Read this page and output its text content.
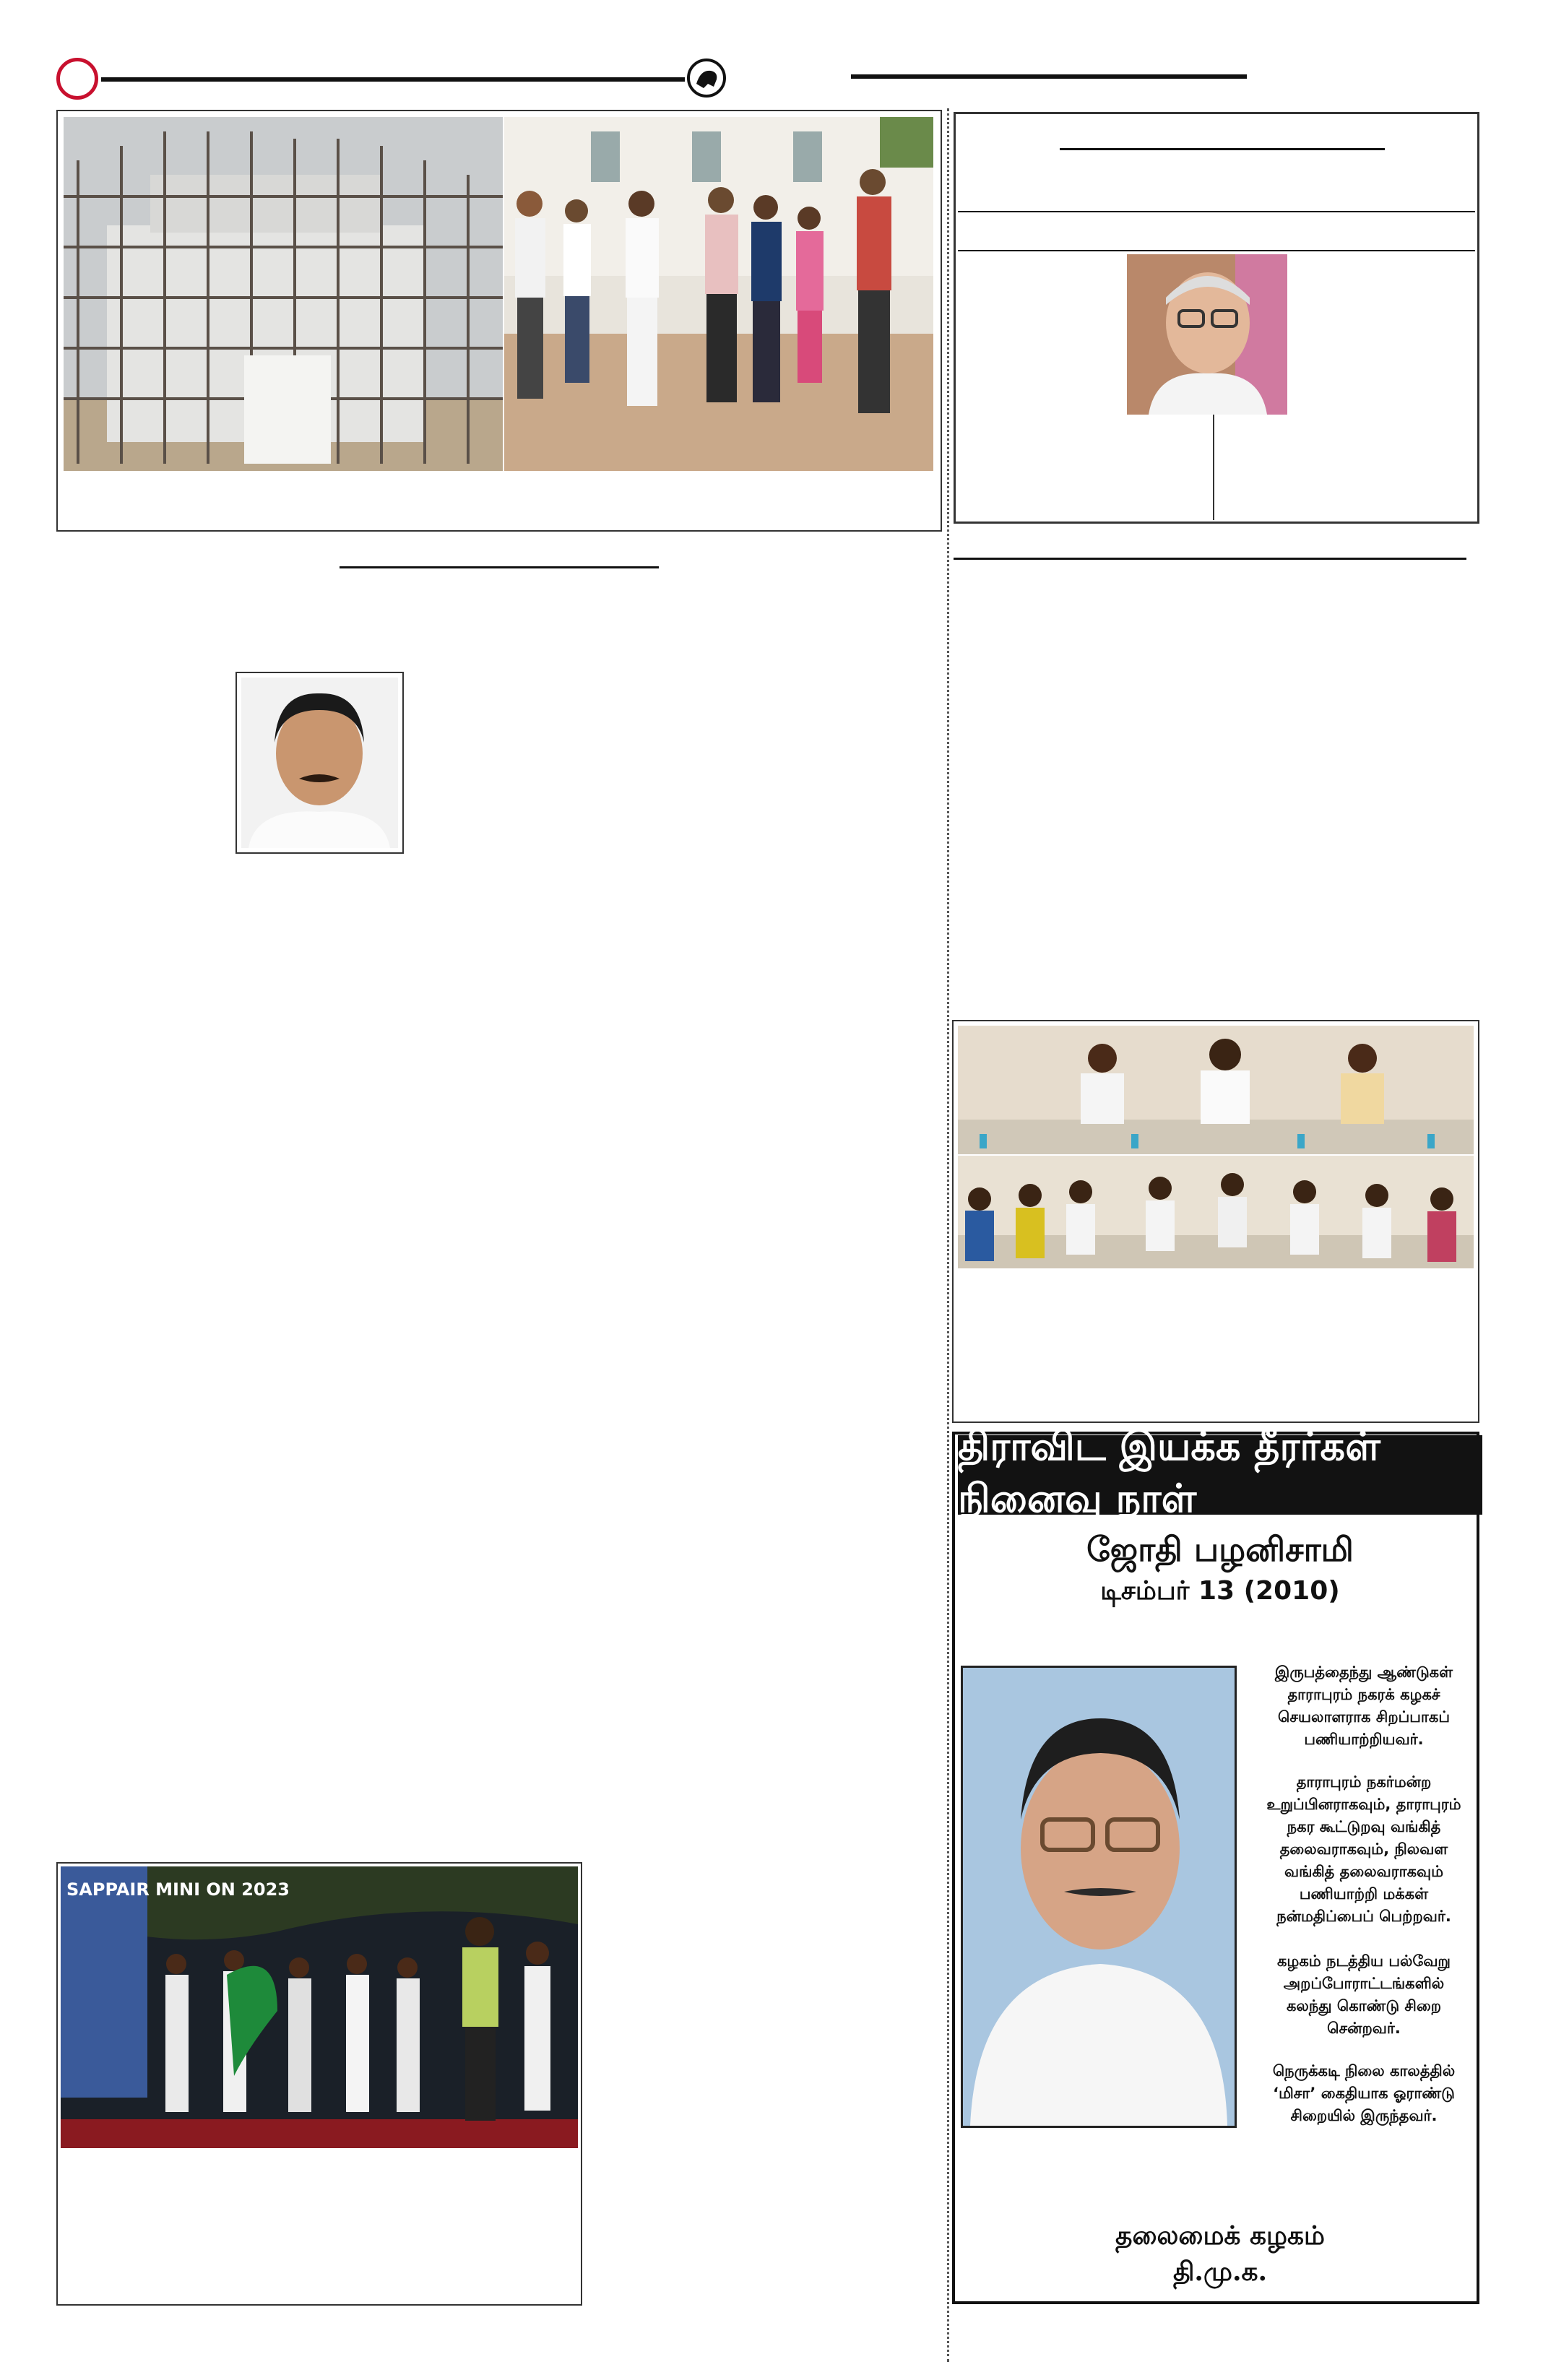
திராவிட இயக்க தீரர்கள் நினைவு நாள்
ஜோதி பழனிசாமி
டிசம்பர் 13 (2010)
இருபத்தைந்து ஆண்டுகள்
தாராபுரம் நகரக் கழகச்
செயலாளராக சிறப்பாகப்
பணியாற்றியவர்.
தாராபுரம் நகர்மன்ற
உறுப்பினராகவும், தாராபுரம்
நகர கூட்டுறவு வங்கித்
தலைவராகவும், நிலவள
வங்கித் தலைவராகவும்
பணியாற்றி மக்கள்
நன்மதிப்பைப் பெற்றவர்.
கழகம் நடத்திய பல்வேறு
அறப்போராட்டங்களில்
கலந்து கொண்டு சிறை
சென்றவர்.
நெருக்கடி நிலை காலத்தில்
‘மிசா’ கைதியாக ஓராண்டு
சிறையில் இருந்தவர்.
தலைமைக் கழகம்
தி.மு.க.
SAPPAIR MINI ON 2023
